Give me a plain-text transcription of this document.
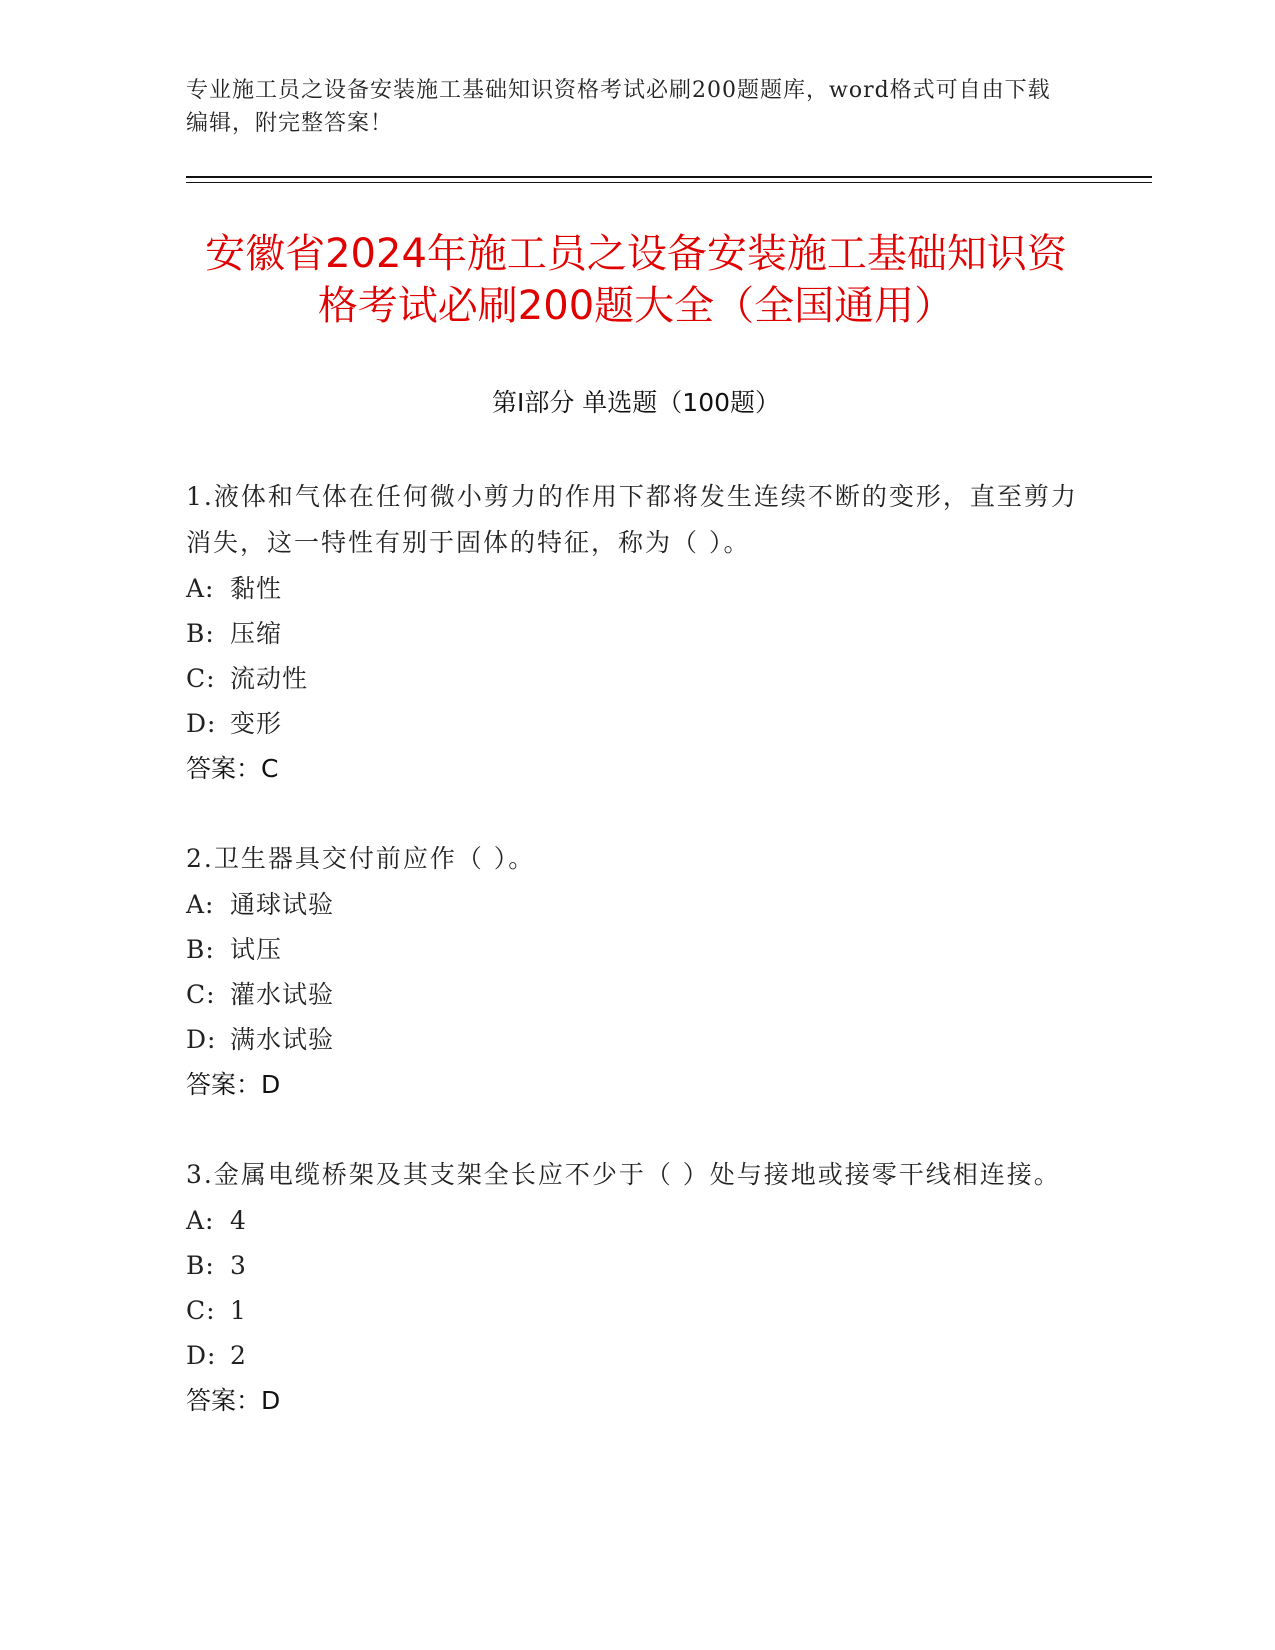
专业施工员之设备安装施工基础知识资格考试必刷200题题库，word格式可自由下载编辑，附完整答案！
安徽省2024年施工员之设备安装施工基础知识资格考试必刷200题大全（全国通用）
第Ⅰ部分 单选题（100题）
1.液体和气体在任何微小剪力的作用下都将发生连续不断的变形，直至剪力消失，这一特性有别于固体的特征，称为（ ）。
A: 黏性
B: 压缩
C: 流动性
D: 变形
答案：C
2.卫生器具交付前应作（ ）。
A: 通球试验
B: 试压
C: 灌水试验
D: 满水试验
答案：D
3.金属电缆桥架及其支架全长应不少于（ ）处与接地或接零干线相连接。
A: 4
B: 3
C: 1
D: 2
答案：D
